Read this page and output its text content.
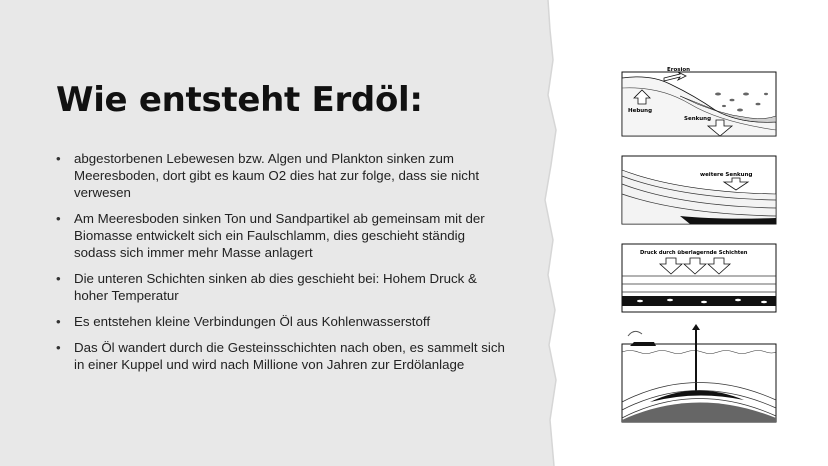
Wie entsteht Erdöl:
• abgestorbenen Lebewesen bzw. Algen und Plankton sinken zum Meeresboden, dort gibt es kaum O2 dies hat zur folge, dass sie nicht verwesen
• Am Meeresboden sinken Ton und Sandpartikel ab gemeinsam mit der Biomasse entwickelt sich ein Faulschlamm, dies geschieht ständig sodass sich immer mehr Masse anlagert
• Die unteren Schichten sinken ab dies geschieht bei: Hohem Druck & hoher Temperatur
• Es entstehen kleine Verbindungen Öl aus Kohlenwasserstoff
• Das Öl wandert durch die Gesteinsschichten nach oben, es sammelt sich in einer Kuppel und wird nach Millione von Jahren zur Erdölanlage
Erosion
Hebung
Senkung
weitere Senkung
Druck durch überlagernde Schichten
